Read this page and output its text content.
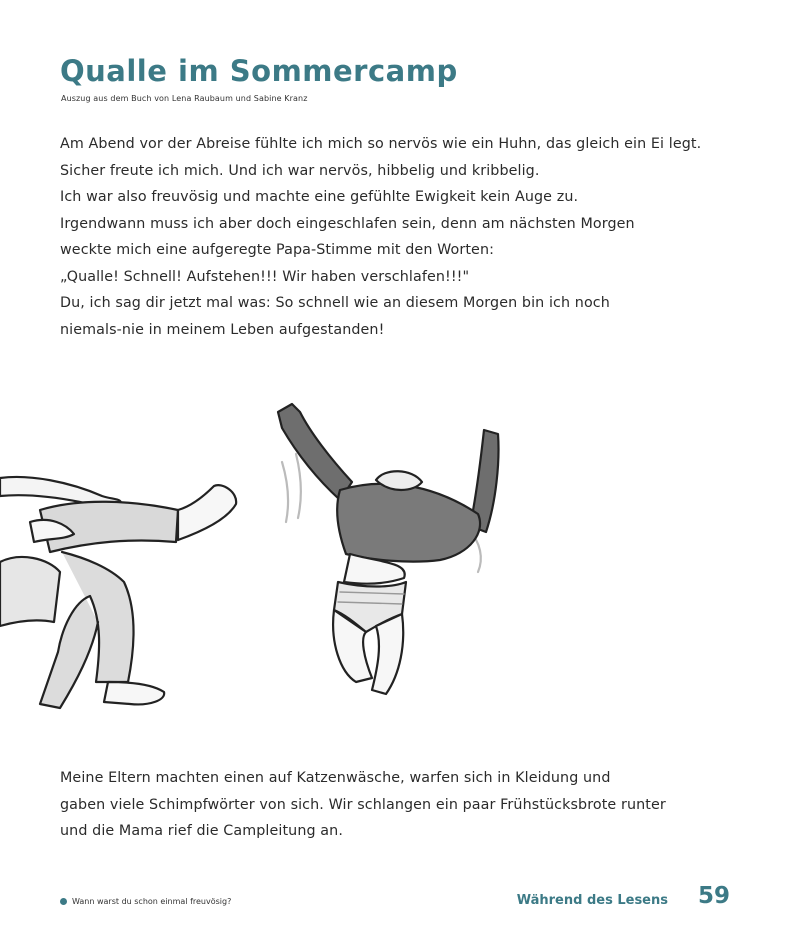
Qualle im Sommercamp
Auszug aus dem Buch von Lena Raubaum und Sabine Kranz

Am Abend vor der Abreise fühlte ich mich so nervös wie ein Huhn, das gleich ein Ei legt.
Sicher freute ich mich. Und ich war nervös, hibbelig und kribbelig.
Ich war also freuvösig und machte eine gefühlte Ewigkeit kein Auge zu.
Irgendwann muss ich aber doch eingeschlafen sein, denn am nächsten Morgen
weckte mich eine aufgeregte Papa-Stimme mit den Worten:
„Qualle! Schnell! Aufstehen!!! Wir haben verschlafen!!!"
Du, ich sag dir jetzt mal was: So schnell wie an diesem Morgen bin ich noch
niemals-nie in meinem Leben aufgestanden!

Meine Eltern machten einen auf Katzenwäsche, warfen sich in Kleidung und
gaben viele Schimpfwörter von sich. Wir schlangen ein paar Frühstücksbrote runter
und die Mama rief die Campleitung an.

Wann warst du schon einmal freuvösig?	Während des Lesens 59
